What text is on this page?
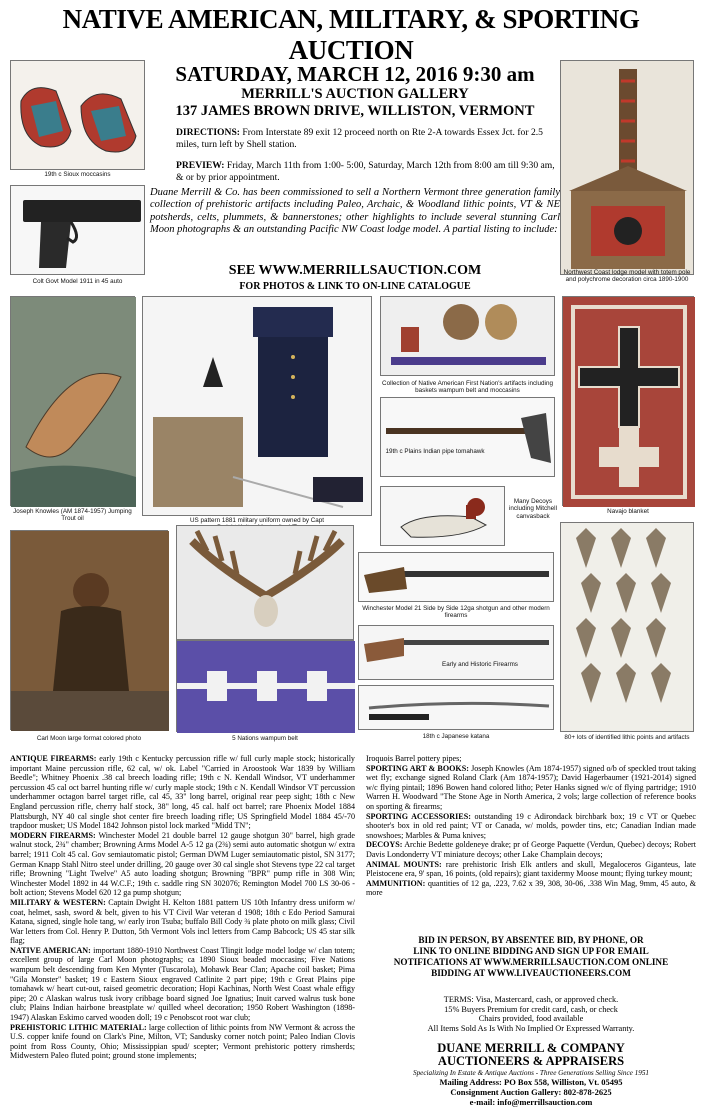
NATIVE AMERICAN, MILITARY, & SPORTING AUCTION
SATURDAY, MARCH 12, 2016 9:30 am
MERRILL'S AUCTION GALLERY
137 JAMES BROWN DRIVE, WILLISTON, VERMONT
DIRECTIONS: From Interstate 89 exit 12 proceed north on Rte 2-A towards Essex Jct. for 2.5 miles, turn left by Shell station.
PREVIEW: Friday, March 11th from 1:00- 5:00, Saturday, March 12th from 8:00 am till 9:30 am, & or by prior appointment.
Duane Merrill & Co. has been commissioned to sell a Northern Vermont three generation family collection of prehistoric artifacts including Paleo, Archaic, & Woodland lithic points, VT & NE potsherds, celts, plummets, & bannerstones; other highlights to include several stunning Carl Moon photographs & an outstanding Pacific NW Coast lodge model. A partial listing to include:
SEE WWW.MERRILLSAUCTION.COM
FOR PHOTOS & LINK TO ON-LINE CATALOGUE
19th c Sioux moccasins
Colt Govt Model 1911 in 45 auto
Northwest Coast lodge model with totem pole and polychrome decoration circa 1890-1900
Joseph Knowles (AM 1874-1957) Jumping Trout oil	US pattern 1881 military uniform owned by Capt
Collection of Native American First Nation's artifacts including baskets wampum belt and moccasins
19th c Plains Indian pipe tomahawk
Navajo blanket
Many Decoys including Mitchell canvasback
Carl Moon large format colored photo	5 Nations wampum belt
Winchester Model 21 Side by Side 12ga shotgun and other modern firearms
Early and Historic Firearms
18th c Japanese katana	80+ lots of identified lithic points and artifacts

ANTIQUE FIREARMS: early 19th c Kentucky percussion rifle w/ full curly maple stock; historically important Maine percussion rifle, 62 cal, w/ ok. Label "Carried in Aroostook War 1839 by William Beedle"; Whitney Phoenix .38 cal breech loading rifle; 19th c N. Kendall Windsor, VT underhammer percussion 45 cal oct barrel hunting rifle w/ curly maple stock; 19th c N. Kendall Windsor VT percussion underhammer octagon barrel target rifle, cal 45, 33" long barrel, original rear peep sight; 18th c New England percussion rifle, cherry half stock, 38" long, 45 cal. half oct barrel; rare Phoenix Model 1884 Plattsburgh, NY 40 cal single shot center fire breech loading rifle; US Springfield Model 1884 45/-70 trapdoor musket; US Model 1842 Johnson pistol lock marked "Midd TN";

MODERN FIREARMS: Winchester Model 21 double barrel 12 gauge shotgun 30" barrel, high grade walnut stock, 2¾" chamber; Browning Arms Model A-5 12 ga (2¾) semi auto automatic shotgun w/ extra barrel; 1911 Colt 45 cal. Gov semiautomatic pistol; German DWM Luger semiautomatic pistol, SN 3177; German Knapp Stahl Nitro steel under drilling, 20 gauge over 30 cal single shot Stevens type 22 cal target rifle; Browning "Light Twelve" A5 auto loading shotgun; Browning "BPR" pump rifle in 308 Win; Winchester Model 1892 in 44 W.C.F.; 19th c. saddle ring SN 302076; Remington Model 700 LS 30-06 - bolt action; Stevens Model 620 12 ga pump shotgun;

MILITARY & WESTERN: Captain Dwight H. Kelton 1881 pattern US 10th Infantry dress uniform w/ coat, helmet, sash, sword & belt, given to his VT Civil War veteran d 1908; 18th c Edo Period Samurai Katana, signed, single hole tang, w/ early iron Tsuba; buffalo Bill Cody ¾ plate photo on milk glass; Civil War letters from Col. Henry P. Dutton, 5th Vermont Vols incl letters from Camp Babcock; US 45 star silk flag;

NATIVE AMERICAN: important 1880-1910 Northwest Coast Tlingit lodge model lodge w/ clan totem; excellent group of large Carl Moon photographs; ca 1890 Sioux beaded moccasins; Five Nations wampum belt descending from Ken Mynter (Tuscarola), Mohawk Bear Clan; Apache coil basket; Pima "Gila Monster" basket; 19 c Eastern Sioux engraved Catlinite 2 part pipe; 19th c Great Plains pipe tomahawk w/ heart cut-out, raised geometric decoration; Hopi Kachinas, North West Coast whale effigy pipe; 20 c Alaskan walrus tusk ivory cribbage board signed Joe Ignatius; Inuit carved walrus tusk bone club; Plains Indian hairbone breastplate w/ quilled wheel decoration; 1950 Robert Washington (1898- 1947) Alaskan Eskimo carved wooden doll; 19 c Penobscot root war club;

PREHISTORIC LITHIC MATERIAL: large collection of lithic points from NW Vermont & across the U.S. copper knife found on Clark's Pine, Milton, VT; Sandusky corner notch point; Paleo Indian Clovis point from Ross County, Ohio; Mississippian spud/ scepter; Vermont prehistoric pottery rimsherds; Midwestern Paleo fluted point; ground stone implements;

Iroquois Barrel pottery pipes;

SPORTING ART & BOOKS: Joseph Knowles (Am 1874-1957) signed o/b of speckled trout taking wet fly; exchange signed Roland Clark (Am 1874-1957); David Hagerbaumer (1921-2014) signed w/c flying pintail; 1896 Bowen hand colored litho; Peter Hanks signed w/c of flying partridge; 1910 Warren H. Woodward "The Stone Age in North America, 2 vols; large collection of reference books on sporting & firearms;

SPORTING ACCESSORIES: outstanding 19 c Adirondack birchbark box; 19 c VT or Quebec shooter's box in old red paint; VT or Canada, w/ molds, powder tins, etc; Canadian Indian made snowshoes; Marbles & Puma knives;

DECOYS: Archie Bedette goldeneye drake; pr of George Paquette (Verdun, Quebec) decoys; Robert Davis Londonderry VT miniature decoys; other Lake Champlain decoys;

ANIMAL MOUNTS: rare prehistoric Irish Elk antlers and skull, Megaloceros Giganteus, late Pleistocene era, 9' span, 16 points, (old repairs); giant taxidermy Moose mount; flying turkey mount;

AMMUNITION: quantities of 12 ga, .223, 7.62 x 39, 308, 30-06, .338 Win Mag, 9mm, 45 auto, & more

BID IN PERSON, BY ABSENTEE BID, BY PHONE, OR
LINK TO ONLINE BIDDING AND SIGN UP FOR EMAIL
NOTIFICATIONS AT WWW.MERRILLSAUCTION.COM ONLINE
BIDDING AT WWW.LIVEAUCTIONEERS.COM
TERMS: Visa, Mastercard, cash, or approved check.
15% Buyers Premium for credit card, cash, or check
Chairs provided, food available
All Items Sold As Is With No Implied Or Expressed Warranty.
DUANE MERRILL & COMPANY
AUCTIONEERS & APPRAISERS
Specializing In Estate & Antique Auctions - Three Generations Selling Since 1951
Mailing Address: PO Box 558, Williston, Vt. 05495
Consignment Auction Gallery: 802-878-2625
e-mail: info@merrillsauction.com
